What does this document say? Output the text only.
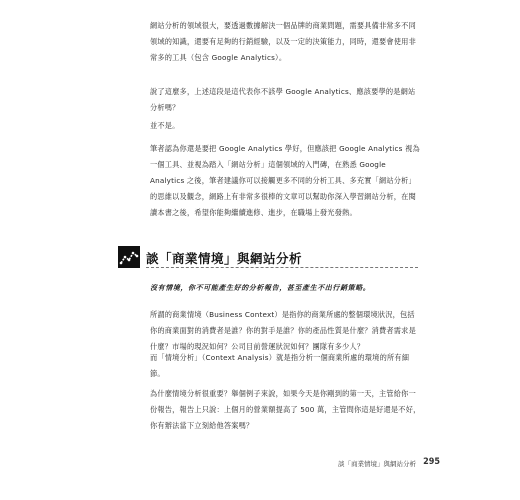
網站分析的領域很大，要透過數據解決一個品牌的商業問題，需要具備非常多不同領域的知識，還要有足夠的行銷經驗，以及一定的決策能力，同時，還要會使用非常多的工具（包含 Google Analytics）。

說了這麼多，上述這段是這代表你不該學 Google Analytics、應該要學的是網站分析嗎？

並不是。

筆者認為你還是要把 Google Analytics 學好，但應該把 Google Analytics 視為一個工具、並視為踏入「網站分析」這個領域的入門磚，在熟悉 Google Analytics 之後，筆者建議你可以接觸更多不同的分析工具、多充實「網站分析」的思維以及觀念，網路上有非常多很棒的文章可以幫助你深入學習網站分析，在閱讀本書之後，希望你能夠繼續進修、進步，在職場上發光發熱。

談「商業情境」與網站分析
沒有情境，你不可能產生好的分析報告，甚至產生不出行銷策略。

所謂的商業情境（Business Context）是指你的商業所處的整個環境狀況，包括你的商業面對的消費者是誰？你的對手是誰？你的產品性質是什麼？消費者需求是什麼？市場的現況如何？公司目前營運狀況如何？團隊有多少人？

而「情境分析」（Context Analysis）就是指分析一個商業所處的環境的所有細節。

為什麼情境分析很重要？舉個例子來說，如果今天是你剛到的第一天，主管給你一份報告，報告上只說：上個月的營業額提高了 500 萬，主管問你這是好還是不好，你有辦法當下立刻給他答案嗎？

談「商業情境」與網站分析 295
